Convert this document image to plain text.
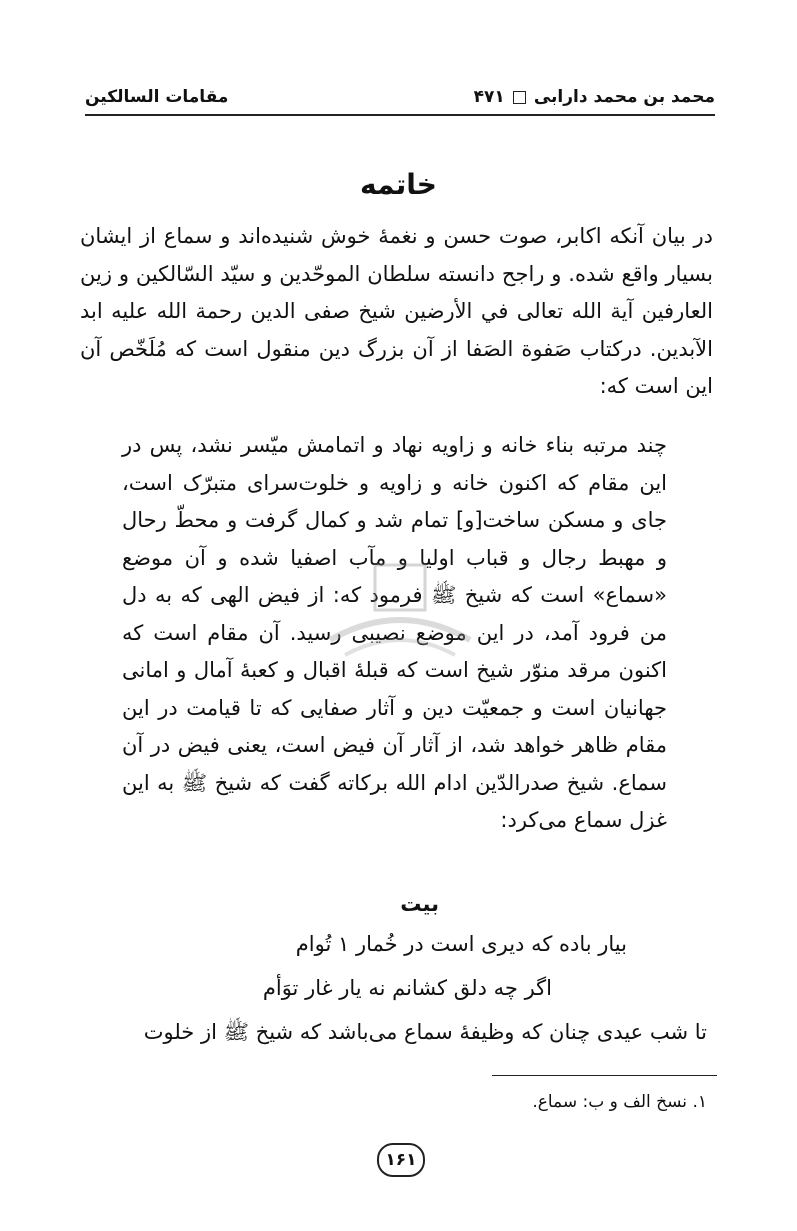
مقامات السالكين	محمد بن محمد دارابی
۴۷۱
خاتمه
در بیان آنکه اکابر، صوت حسن و نغمهٔ خوش شنیده‌اند و سماع از ایشان بسیار واقع شده. و راجح دانسته سلطان الموحّدین و سیّد السّالکین و زین العارفین آیة الله تعالی في الأرضین شیخ صفی الدین رحمة الله علیه ابد الآبدین. درکتاب صَفوة الصَفا از آن بزرگ دین منقول است که مُلَخّص آن این است که:
چند مرتبه بناء خانه و زاویه نهاد و اتمامش میّسر نشد، پس در این مقام که اکنون خانه و زاویه و خلوت‌سرای متبرّک است، جای و مسکن ساخت[و] تمام شد و کمال گرفت و محطّ رحال و مهبط رجال و قباب اولیا و مآب اصفیا شده و آن موضع «سماع» است که شیخ ﷺ فرمود که: از فیض الهی که به دل من فرود آمد، در این موضع نصیبی رسید. آن مقام است که اکنون مرقد منوّر شیخ است که قبلهٔ اقبال و کعبهٔ آمال و امانی جهانیان است و جمعیّت دین و آثار صفایی که تا قیامت در این مقام ظاهر خواهد شد، از آثار آن فیض است، یعنی فیض در آن سماع. شیخ صدرالدّین ادام الله برکاته گفت که شیخ ﷺ به این غزل سماع می‌کرد:
بیت
بیار باده که دیری است در خُمار ۱ تُوام
اگر چه دلق کشانم نه یار غار توَأم
تا شب عیدی چنان که وظیفهٔ سماع می‌باشد که شیخ ﷺ از خلوت
۱. نسخ الف و ب: سماع.
۱۶۱
